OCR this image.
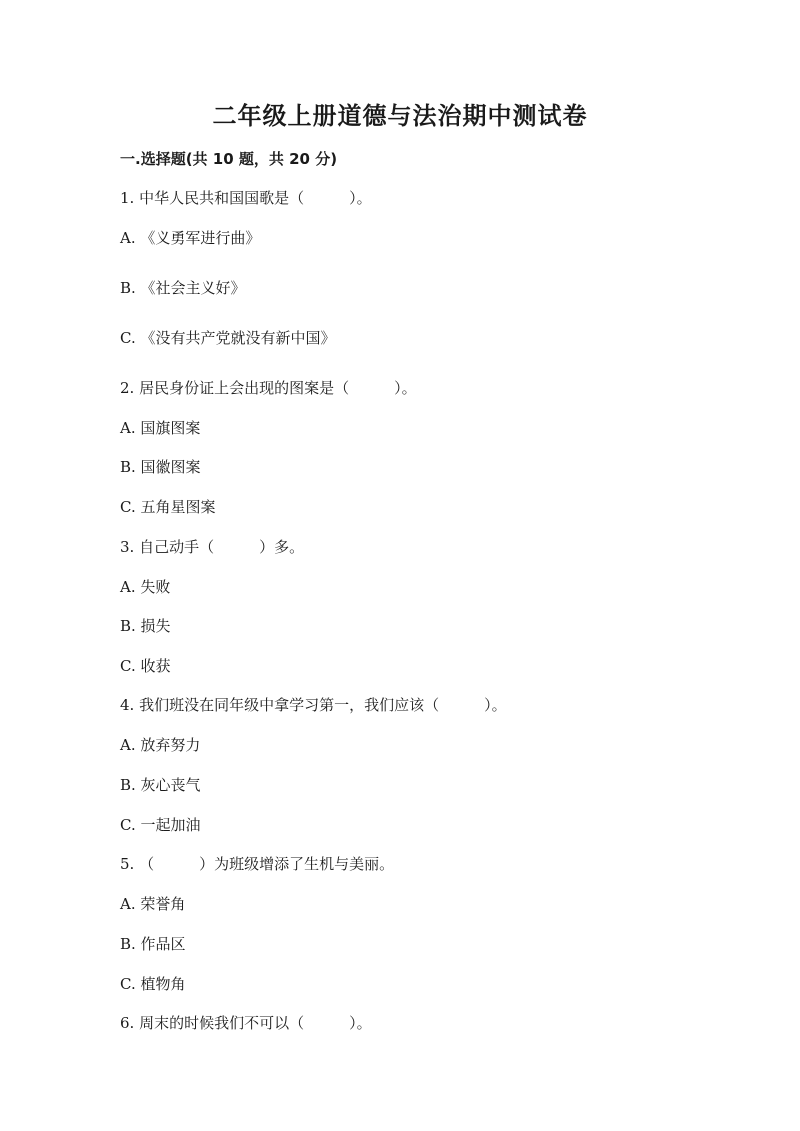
二年级上册道德与法治期中测试卷
一.选择题(共 10 题，共 20 分)
1. 中华人民共和国国歌是（　　　）。
A. 《义勇军进行曲》
B. 《社会主义好》
C. 《没有共产党就没有新中国》
2. 居民身份证上会出现的图案是（　　　）。
A. 国旗图案
B. 国徽图案
C. 五角星图案
3. 自己动手（　　　）多。
A. 失败
B. 损失
C. 收获
4. 我们班没在同年级中拿学习第一，我们应该（　　　）。
A. 放弃努力
B. 灰心丧气
C. 一起加油
5. （　　　）为班级增添了生机与美丽。
A. 荣誉角
B. 作品区
C. 植物角
6. 周末的时候我们不可以（　　　）。
